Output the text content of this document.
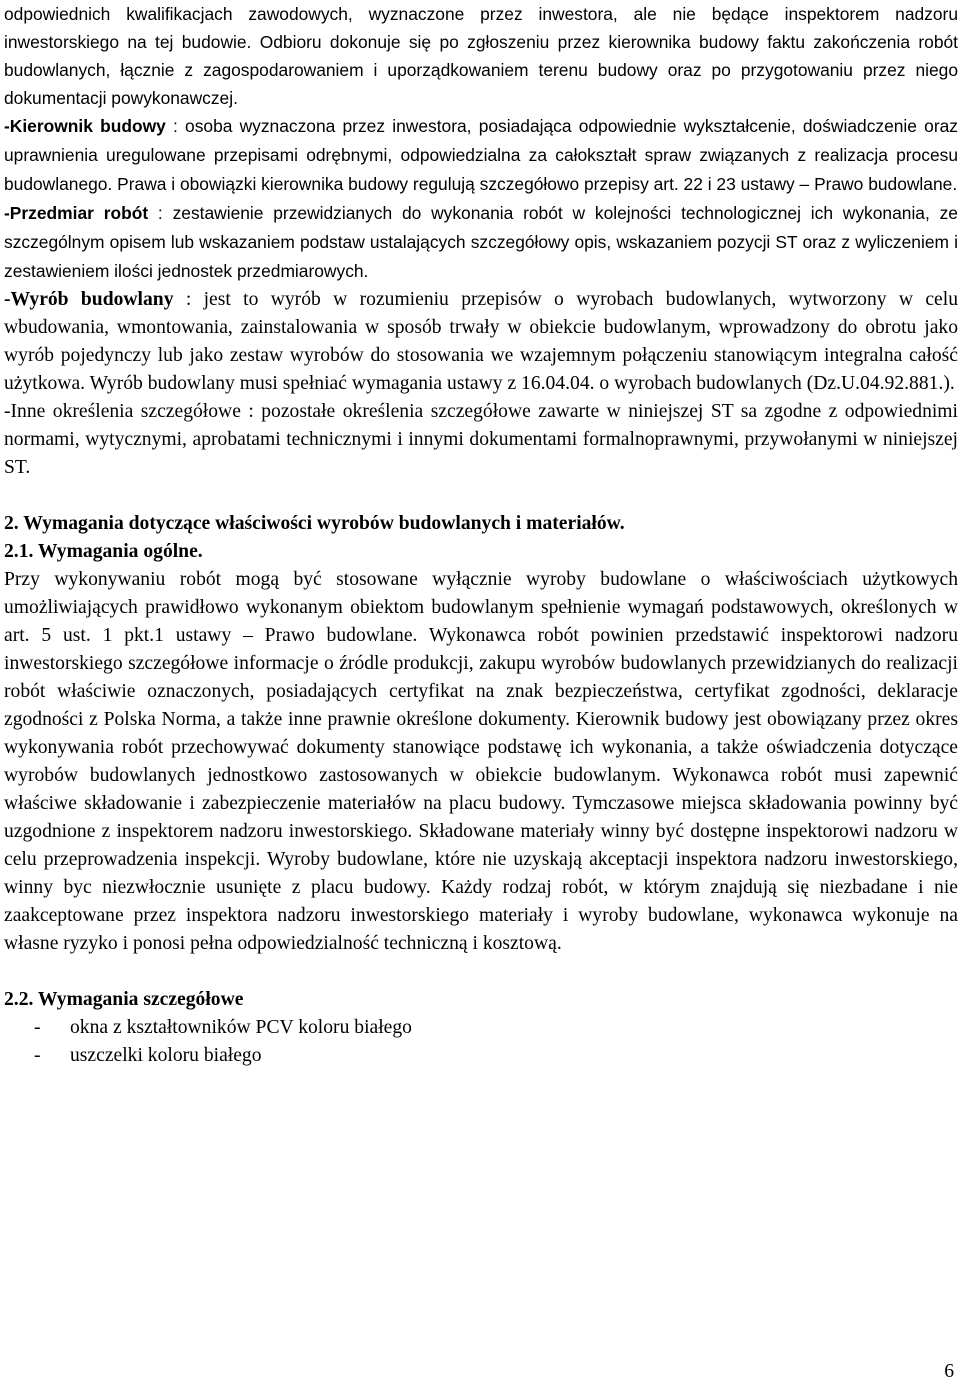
odpowiednich kwalifikacjach zawodowych, wyznaczone przez inwestora, ale nie będące inspektorem nadzoru inwestorskiego na tej budowie. Odbioru dokonuje się po zgłoszeniu przez kierownika budowy faktu zakończenia robót budowlanych, łącznie z zagospodarowaniem i uporządkowaniem terenu budowy oraz po przygotowaniu przez niego dokumentacji powykonawczej.

-Kierownik budowy : osoba wyznaczona przez inwestora, posiadająca odpowiednie wykształcenie, doświadczenie oraz uprawnienia uregulowane przepisami odrębnymi, odpowiedzialna za całokształt spraw związanych z realizacja procesu budowlanego. Prawa i obowiązki kierownika budowy regulują szczegółowo przepisy art. 22 i 23 ustawy – Prawo budowlane.

-Przedmiar robót : zestawienie przewidzianych do wykonania robót w kolejności technologicznej ich wykonania, ze szczególnym opisem lub wskazaniem podstaw ustalających szczegółowy opis, wskazaniem pozycji ST oraz z wyliczeniem i zestawieniem ilości jednostek przedmiarowych.

-Wyrób budowlany : jest to wyrób w rozumieniu przepisów o wyrobach budowlanych, wytworzony w celu wbudowania, wmontowania, zainstalowania w sposób trwały w obiekcie budowlanym, wprowadzony do obrotu jako wyrób pojedynczy lub jako zestaw wyrobów do stosowania we wzajemnym połączeniu stanowiącym integralna całość użytkowa. Wyrób budowlany musi spełniać wymagania ustawy z 16.04.04. o wyrobach budowlanych (Dz.U.04.92.881.).

-Inne określenia szczegółowe : pozostałe określenia szczegółowe zawarte w niniejszej ST sa zgodne z odpowiednimi normami, wytycznymi, aprobatami technicznymi i innymi dokumentami formalnoprawnymi, przywołanymi w niniejszej ST.

2. Wymagania dotyczące właściwości wyrobów budowlanych i materiałów.

2.1. Wymagania ogólne.

Przy wykonywaniu robót mogą być stosowane wyłącznie wyroby budowlane o właściwościach użytkowych umożliwiających prawidłowo wykonanym obiektom budowlanym spełnienie wymagań podstawowych, określonych w art. 5 ust. 1 pkt.1 ustawy – Prawo budowlane. Wykonawca robót powinien przedstawić inspektorowi nadzoru inwestorskiego szczegółowe informacje o źródle produkcji, zakupu wyrobów budowlanych przewidzianych do realizacji robót właściwie oznaczonych, posiadających certyfikat na znak bezpieczeństwa, certyfikat zgodności, deklaracje zgodności z Polska Norma, a także inne prawnie określone dokumenty. Kierownik budowy jest obowiązany przez okres wykonywania robót przechowywać dokumenty stanowiące podstawę ich wykonania, a także oświadczenia dotyczące wyrobów budowlanych jednostkowo zastosowanych w obiekcie budowlanym. Wykonawca robót musi zapewnić właściwe składowanie i zabezpieczenie materiałów na placu budowy. Tymczasowe miejsca składowania powinny być uzgodnione z inspektorem nadzoru inwestorskiego. Składowane materiały winny być dostępne inspektorowi nadzoru w celu przeprowadzenia inspekcji. Wyroby budowlane, które nie uzyskają akceptacji inspektora nadzoru inwestorskiego, winny byc niezwłocznie usunięte z placu budowy. Każdy rodzaj robót, w którym znajdują się niezbadane i nie zaakceptowane przez inspektora nadzoru inwestorskiego materiały i wyroby budowlane, wykonawca wykonuje na własne ryzyko i ponosi pełna odpowiedzialność techniczną i kosztową.

2.2. Wymagania szczegółowe

-	okna z kształtowników PCV koloru białego
-	uszczelki koloru białego
6
